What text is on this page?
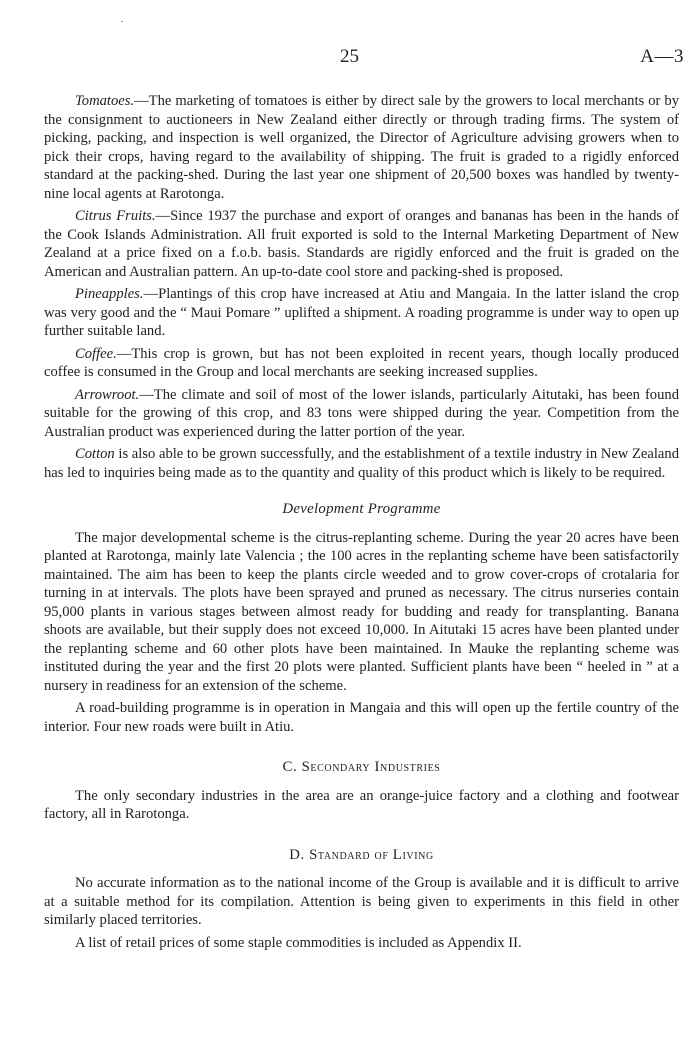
25	A—3

Tomatoes.—The marketing of tomatoes is either by direct sale by the growers to local merchants or by the consignment to auctioneers in New Zealand either directly or through trading firms. The system of picking, packing, and inspection is well organized, the Director of Agriculture advising growers when to pick their crops, having regard to the availability of shipping. The fruit is graded to a rigidly enforced standard at the packing-shed. During the last year one shipment of 20,500 boxes was handled by twenty-nine local agents at Rarotonga.

Citrus Fruits.—Since 1937 the purchase and export of oranges and bananas has been in the hands of the Cook Islands Administration. All fruit exported is sold to the Internal Marketing Department of New Zealand at a price fixed on a f.o.b. basis. Standards are rigidly enforced and the fruit is graded on the American and Australian pattern. An up-to-date cool store and packing-shed is proposed.

Pineapples.—Plantings of this crop have increased at Atiu and Mangaia. In the latter island the crop was very good and the “ Maui Pomare ” uplifted a shipment. A roading programme is under way to open up further suitable land.

Coffee.—This crop is grown, but has not been exploited in recent years, though locally produced coffee is consumed in the Group and local merchants are seeking increased supplies.

Arrowroot.—The climate and soil of most of the lower islands, particularly Aitutaki, has been found suitable for the growing of this crop, and 83 tons were shipped during the year. Competition from the Australian product was experienced during the latter portion of the year.

Cotton is also able to be grown successfully, and the establishment of a textile industry in New Zealand has led to inquiries being made as to the quantity and quality of this product which is likely to be required.

Development Programme

The major developmental scheme is the citrus-replanting scheme. During the year 20 acres have been planted at Rarotonga, mainly late Valencia ; the 100 acres in the replanting scheme have been satisfactorily maintained. The aim has been to keep the plants circle weeded and to grow cover-crops of crotalaria for turning in at intervals. The plots have been sprayed and pruned as necessary. The citrus nurseries contain 95,000 plants in various stages between almost ready for budding and ready for transplanting. Banana shoots are available, but their supply does not exceed 10,000. In Aitutaki 15 acres have been planted under the replanting scheme and 60 other plots have been maintained. In Mauke the replanting scheme was instituted during the year and the first 20 plots were planted. Sufficient plants have been “ heeled in ” at a nursery in readiness for an extension of the scheme.

A road-building programme is in operation in Mangaia and this will open up the fertile country of the interior. Four new roads were built in Atiu.

C. Secondary Industries

The only secondary industries in the area are an orange-juice factory and a clothing and footwear factory, all in Rarotonga.

D. Standard of Living

No accurate information as to the national income of the Group is available and it is difficult to arrive at a suitable method for its compilation. Attention is being given to experiments in this field in other similarly placed territories.

A list of retail prices of some staple commodities is included as Appendix II.
